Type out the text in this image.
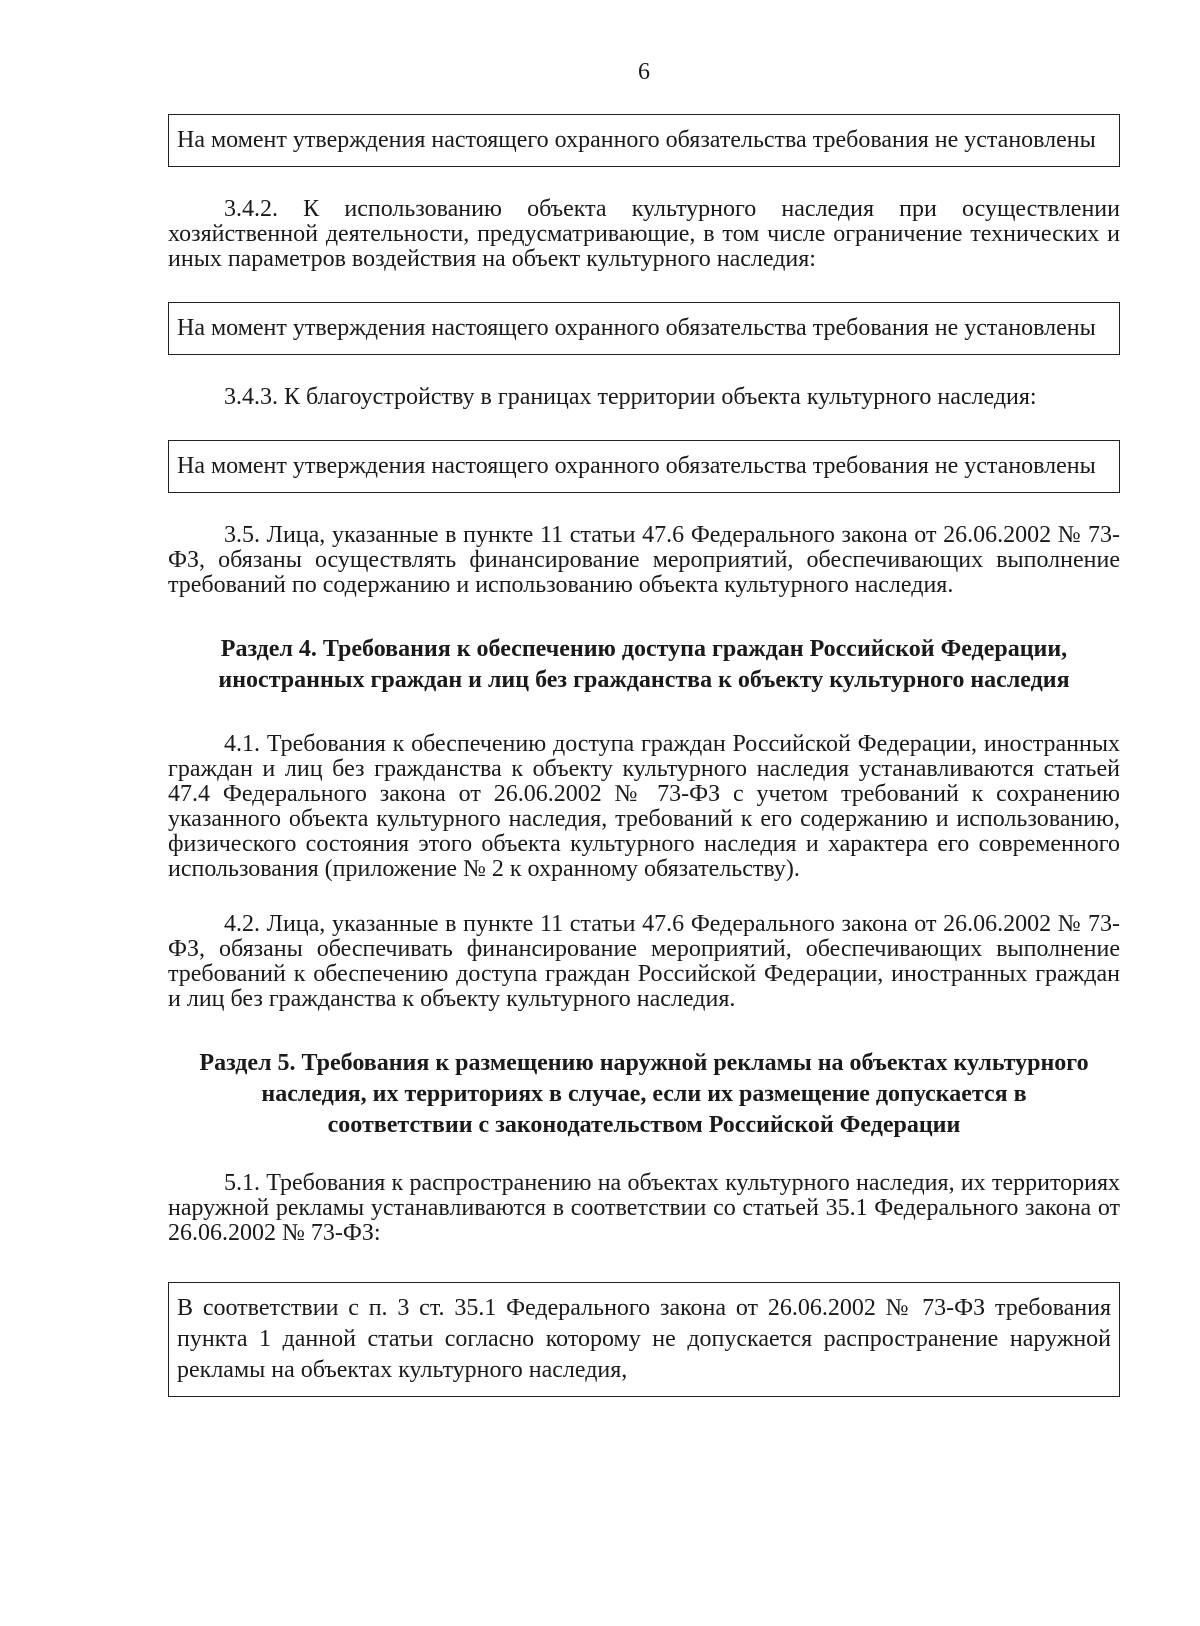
6
На момент утверждения настоящего охранного обязательства требования не установлены

3.4.2. К использованию объекта культурного наследия при осуществлении хозяйственной деятельности, предусматривающие, в том числе ограничение технических и иных параметров воздействия на объект культурного наследия:

На момент утверждения настоящего охранного обязательства требования не установлены

3.4.3. К благоустройству в границах территории объекта культурного наследия:

На момент утверждения настоящего охранного обязательства требования не установлены

3.5. Лица, указанные в пункте 11 статьи 47.6 Федерального закона от 26.06.2002 № 73-ФЗ, обязаны осуществлять финансирование мероприятий, обеспечивающих выполнение требований по содержанию и использованию объекта культурного наследия.

Раздел 4. Требования к обеспечению доступа граждан Российской Федерации, иностранных граждан и лиц без гражданства к объекту культурного наследия

4.1. Требования к обеспечению доступа граждан Российской Федерации, иностранных граждан и лиц без гражданства к объекту культурного наследия устанавливаются статьей 47.4 Федерального закона от 26.06.2002 № 73-ФЗ с учетом требований к сохранению указанного объекта культурного наследия, требований к его содержанию и использованию, физического состояния этого объекта культурного наследия и характера его современного использования (приложение № 2 к охранному обязательству).

4.2. Лица, указанные в пункте 11 статьи 47.6 Федерального закона от 26.06.2002 № 73-ФЗ, обязаны обеспечивать финансирование мероприятий, обеспечивающих выполнение требований к обеспечению доступа граждан Российской Федерации, иностранных граждан и лиц без гражданства к объекту культурного наследия.

Раздел 5. Требования к размещению наружной рекламы на объектах культурного наследия, их территориях в случае, если их размещение допускается в соответствии с законодательством Российской Федерации

5.1. Требования к распространению на объектах культурного наследия, их территориях наружной рекламы устанавливаются в соответствии со статьей 35.1 Федерального закона от 26.06.2002 № 73-ФЗ:

В соответствии с п. 3 ст. 35.1 Федерального закона от 26.06.2002 № 73-ФЗ требования пункта 1 данной статьи согласно которому не допускается распространение наружной рекламы на объектах культурного наследия,
